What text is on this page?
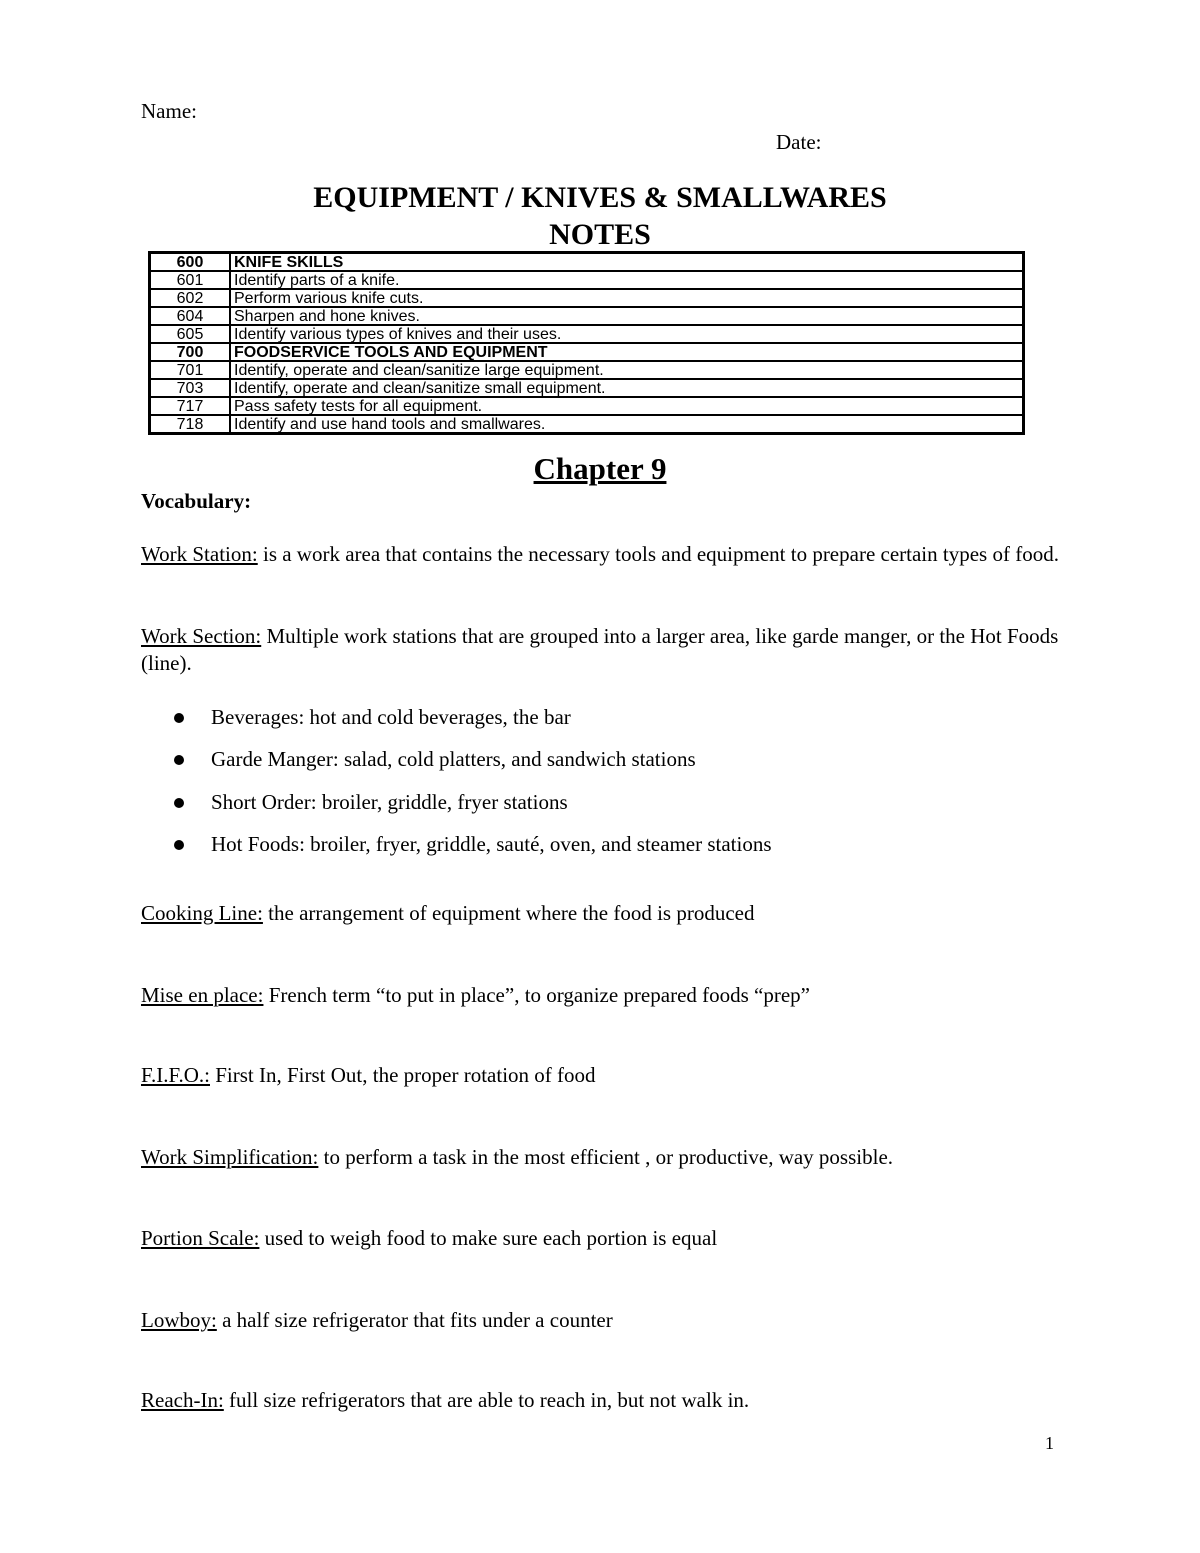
Name:
Date:
EQUIPMENT / KNIVES & SMALLWARES
NOTES
600	KNIFE SKILLS
601	Identify parts of a knife.
602	Perform various knife cuts.
604	Sharpen and hone knives.
605	Identify various types of knives and their uses.
700	FOODSERVICE TOOLS AND EQUIPMENT
701	Identify, operate and clean/sanitize large equipment.
703	Identify, operate and clean/sanitize small equipment.
717	Pass safety tests for all equipment.
718	Identify and use hand tools and smallwares.
Chapter 9
Vocabulary:
Work Station: is a work area that contains the necessary tools and equipment to prepare certain types of food.
Work Section: Multiple work stations that are grouped into a larger area, like garde manger, or the Hot Foods (line).
Beverages: hot and cold beverages, the bar
Garde Manger: salad, cold platters, and sandwich stations
Short Order: broiler, griddle, fryer stations
Hot Foods: broiler, fryer, griddle, sauté, oven, and steamer stations
Cooking Line: the arrangement of equipment where the food is produced
Mise en place: French term “to put in place”, to organize prepared foods “prep”
F.I.F.O.: First In, First Out, the proper rotation of food
Work Simplification: to perform a task in the most efficient , or productive, way possible.
Portion Scale: used to weigh food to make sure each portion is equal
Lowboy: a half size refrigerator that fits under a counter
Reach-In: full size refrigerators that are able to reach in, but not walk in.
1
